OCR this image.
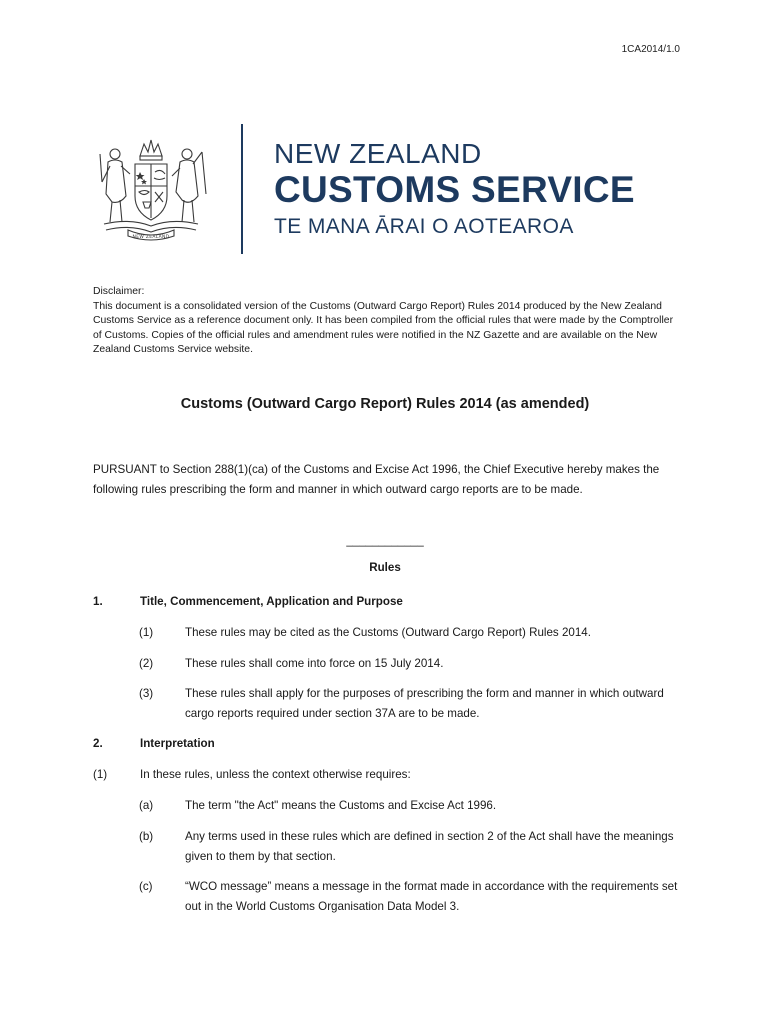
1CA2014/1.0
NEW ZEALAND
NEW ZEALAND
CUSTOMS SERVICE
TE MANA ĀRAI O AOTEAROA

Disclaimer:

This document is a consolidated version of the Customs (Outward Cargo Report) Rules 2014 produced by the New Zealand Customs Service as a reference document only. It has been compiled from the official rules that were made by the Comptroller of Customs. Copies of the official rules and amendment rules were notified in the NZ Gazette and are available on the New Zealand Customs Service website.

Customs (Outward Cargo Report) Rules 2014 (as amended)

PURSUANT to Section 288(1)(ca) of the Customs and Excise Act 1996, the Chief Executive hereby makes the following rules prescribing the form and manner in which outward cargo reports are to be made.

____________
Rules
1.	Title, Commencement, Application and Purpose
(1)	These rules may be cited as the Customs (Outward Cargo Report) Rules 2014.
(2)	These rules shall come into force on 15 July 2014.
(3)	These rules shall apply for the purposes of prescribing the form and manner in which outward cargo reports required under section 37A are to be made.
2.	Interpretation
(1)	In these rules, unless the context otherwise requires:
(a)	The term "the Act" means the Customs and Excise Act 1996.
(b)	Any terms used in these rules which are defined in section 2 of the Act shall have the meanings given to them by that section.
(c)	“WCO message” means a message in the format made in accordance with the requirements set out in the World Customs Organisation Data Model 3.
